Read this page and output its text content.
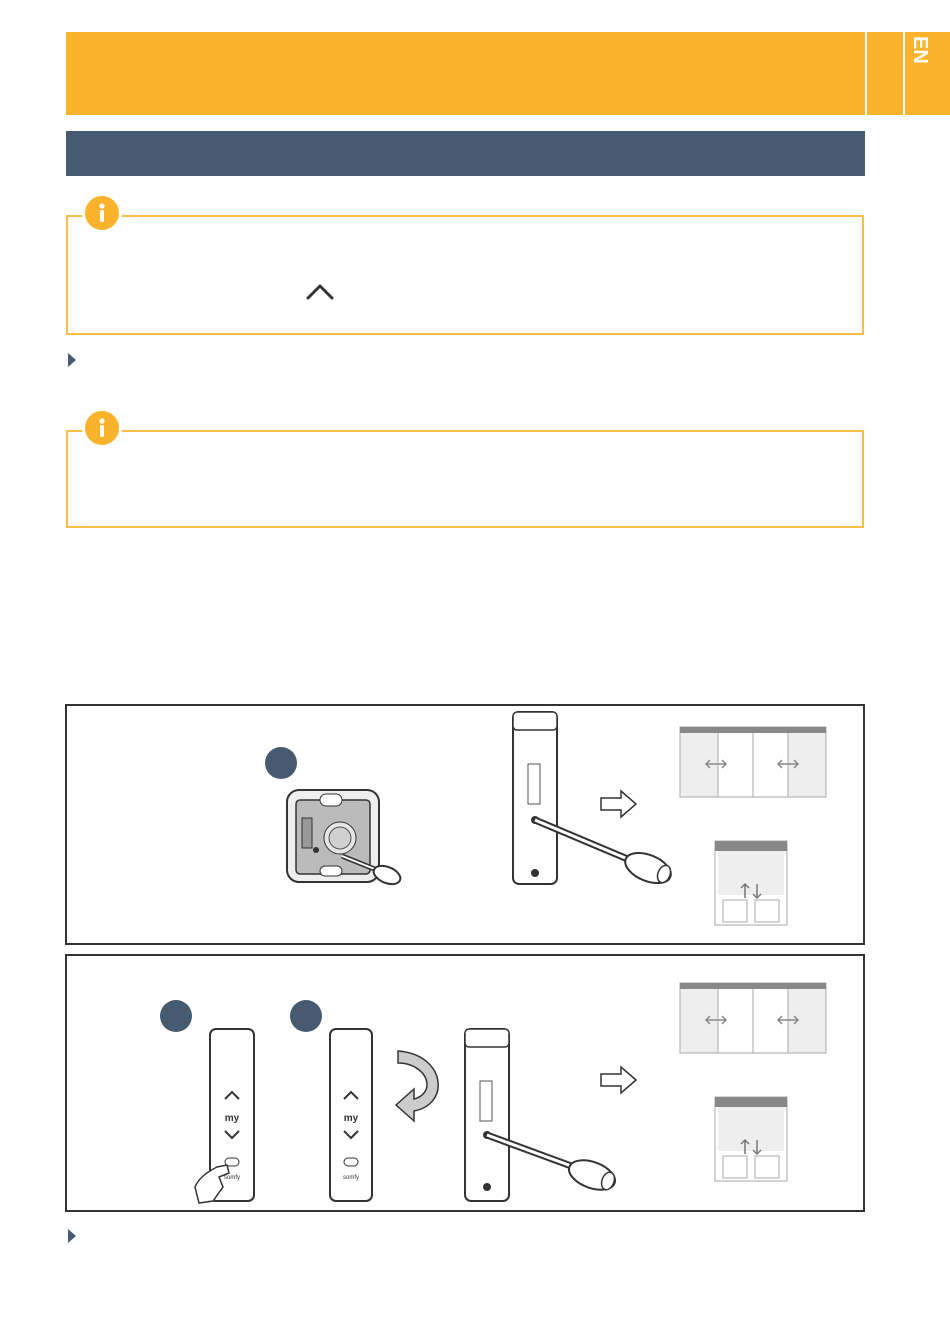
EN
my
somfy
my
somfy
